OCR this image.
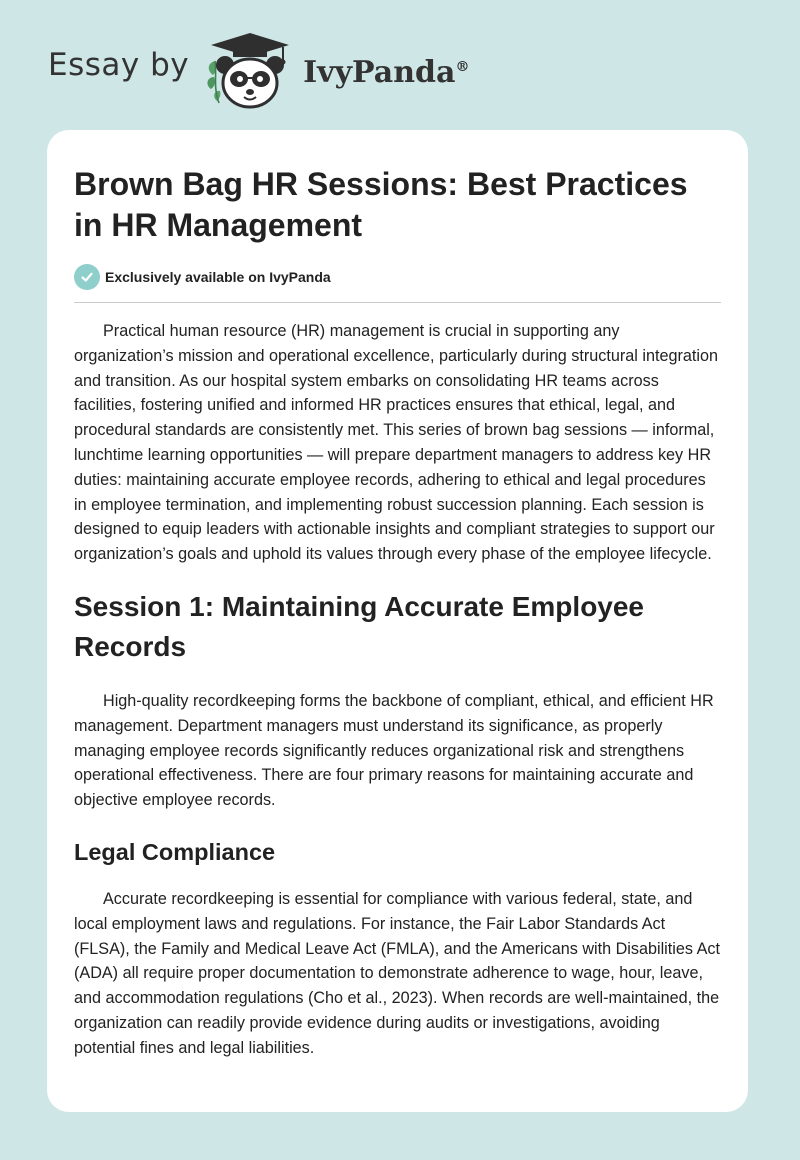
Essay by	IvyPanda®
Brown Bag HR Sessions: Best Practices in HR Management
Exclusively available on IvyPanda

Practical human resource (HR) management is crucial in supporting any organization’s mission and operational excellence, particularly during structural integration and transition. As our hospital system embarks on consolidating HR teams across facilities, fostering unified and informed HR practices ensures that ethical, legal, and procedural standards are consistently met. This series of brown bag sessions — informal, lunchtime learning opportunities — will prepare department managers to address key HR duties: maintaining accurate employee records, adhering to ethical and legal procedures in employee termination, and implementing robust succession planning. Each session is designed to equip leaders with actionable insights and compliant strategies to support our organization’s goals and uphold its values through every phase of the employee lifecycle.

Session 1: Maintaining Accurate Employee Records

High-quality recordkeeping forms the backbone of compliant, ethical, and efficient HR management. Department managers must understand its significance, as properly managing employee records significantly reduces organizational risk and strengthens operational effectiveness. There are four primary reasons for maintaining accurate and objective employee records.

Legal Compliance

Accurate recordkeeping is essential for compliance with various federal, state, and local employment laws and regulations. For instance, the Fair Labor Standards Act (FLSA), the Family and Medical Leave Act (FMLA), and the Americans with Disabilities Act (ADA) all require proper documentation to demonstrate adherence to wage, hour, leave, and accommodation regulations (Cho et al., 2023). When records are well-maintained, the organization can readily provide evidence during audits or investigations, avoiding potential fines and legal liabilities.
